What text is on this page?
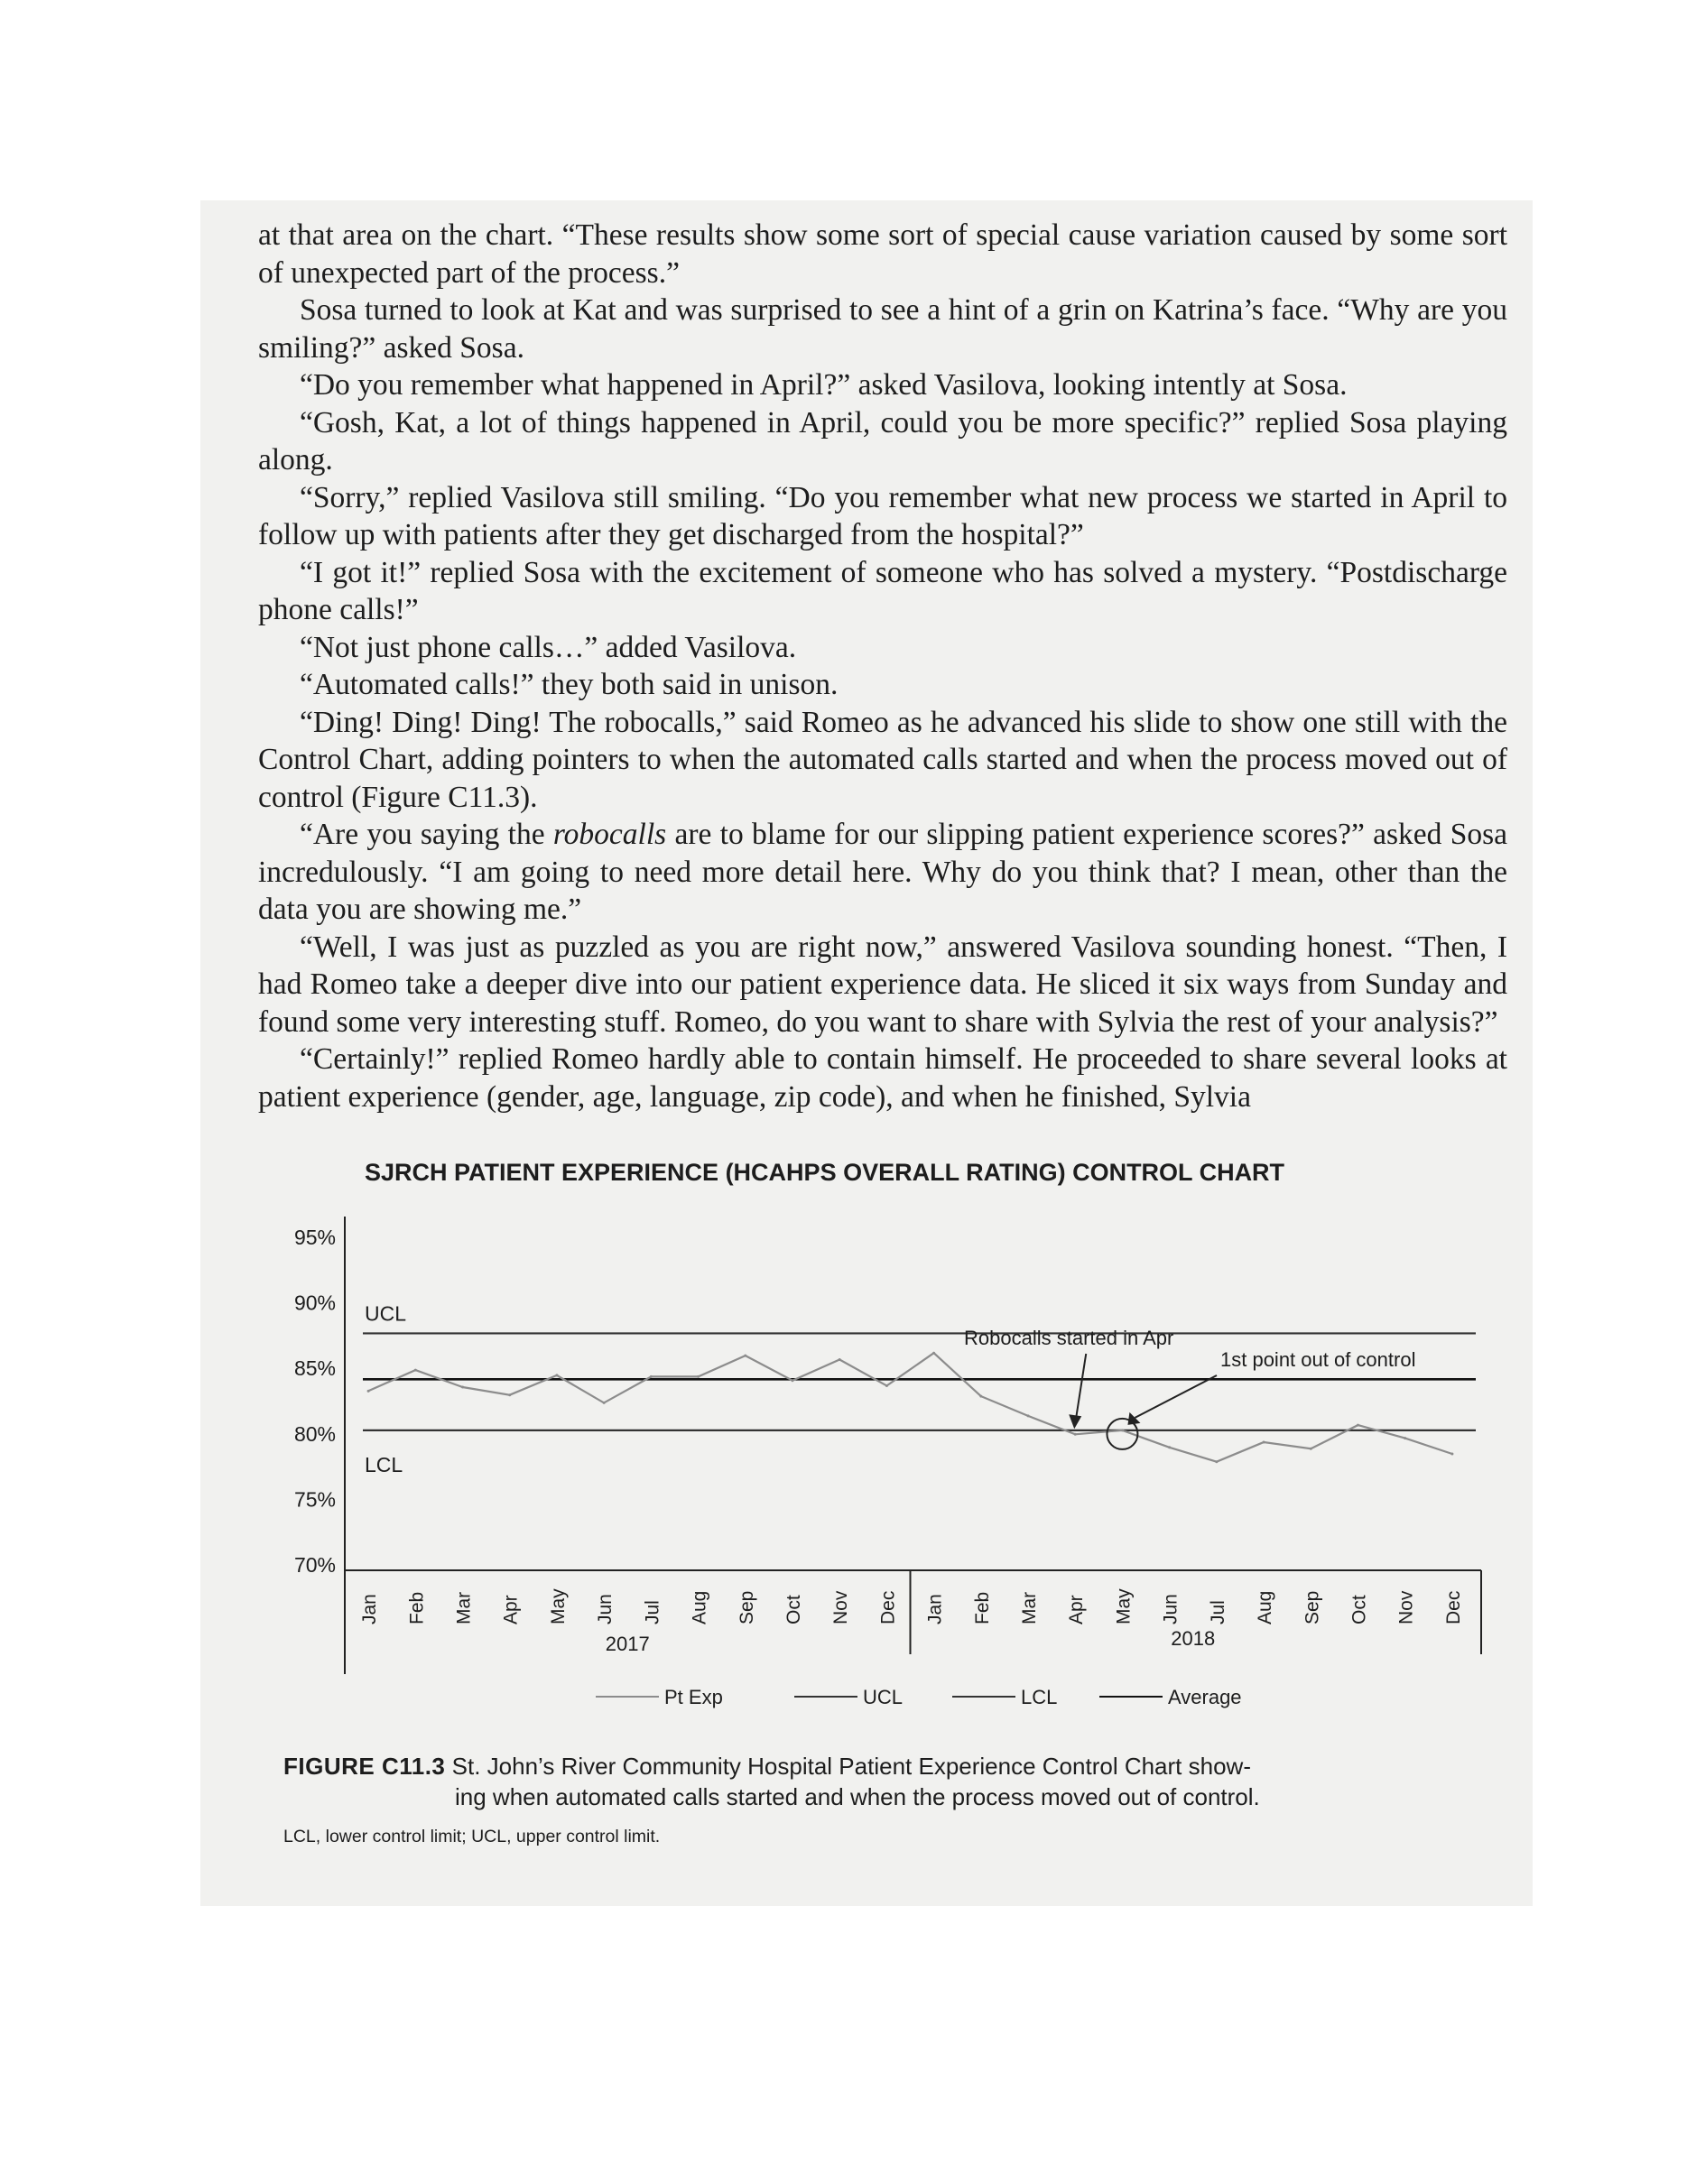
at that area on the chart. “These results show some sort of special cause variation caused by some sort of unexpected part of the process.”

Sosa turned to look at Kat and was surprised to see a hint of a grin on Katrina’s face. “Why are you smiling?” asked Sosa.

“Do you remember what happened in April?” asked Vasilova, looking intently at Sosa.

“Gosh, Kat, a lot of things happened in April, could you be more specific?” replied Sosa playing along.

“Sorry,” replied Vasilova still smiling. “Do you remember what new process we started in April to follow up with patients after they get discharged from the hospital?”

“I got it!” replied Sosa with the excitement of someone who has solved a mystery. “Postdischarge phone calls!”

“Not just phone calls…” added Vasilova.

“Automated calls!” they both said in unison.

“Ding! Ding! Ding! The robocalls,” said Romeo as he advanced his slide to show one still with the Control Chart, adding pointers to when the automated calls started and when the process moved out of control (Figure C11.3).

“Are you saying the robocalls are to blame for our slipping patient experience scores?” asked Sosa incredulously. “I am going to need more detail here. Why do you think that? I mean, other than the data you are showing me.”

“Well, I was just as puzzled as you are right now,” answered Vasilova sounding honest. “Then, I had Romeo take a deeper dive into our patient experience data. He sliced it six ways from Sunday and found some very interesting stuff. Romeo, do you want to share with Sylvia the rest of your analysis?”

“Certainly!” replied Romeo hardly able to contain himself. He proceeded to share several looks at patient experience (gender, age, language, zip code), and when he finished, Sylvia

SJRCH PATIENT EXPERIENCE (HCAHPS OVERALL RATING) CONTROL CHART
95%
90%
85%
80%
75%
70%
UCL
LCL
Robocalls started in Apr
1st point out of control
Jan Feb Mar Apr May Jun Jul Aug Sep Oct Nov Dec Jan Feb Mar Apr May Jun Jul Aug Sep Oct Nov Dec
2017	2018
Pt Exp	UCL	LCL	Average
FIGURE C11.3 St. John’s River Community Hospital Patient Experience Control Chart show-
ing when automated calls started and when the process moved out of control.
LCL, lower control limit; UCL, upper control limit.
